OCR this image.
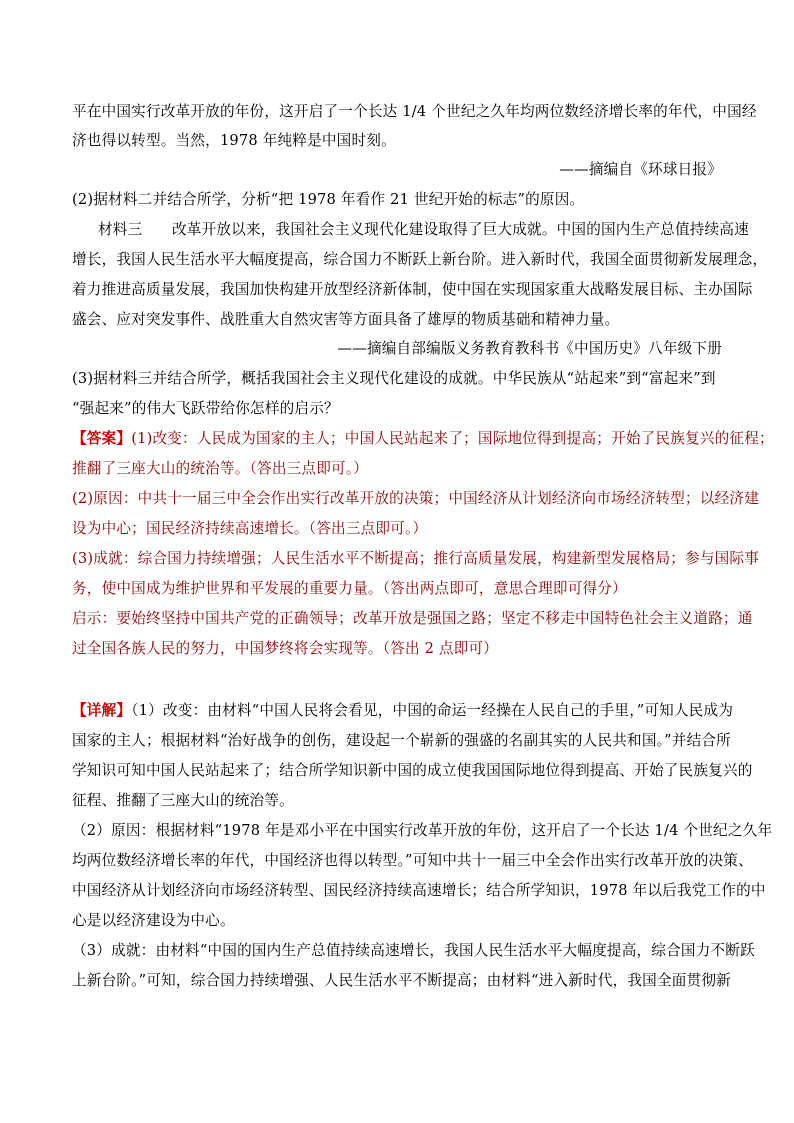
平在中国实行改革开放的年份，这开启了一个长达 1/4 个世纪之久年均两位数经济增长率的年代，中国经
济也得以转型。当然，1978 年纯粹是中国时刻。
——摘编自《环球日报》
(2)据材料二并结合所学，分析“把 1978 年看作 21 世纪开始的标志”的原因。
材料三　　改革开放以来，我国社会主义现代化建设取得了巨大成就。中国的国内生产总值持续高速
增长，我国人民生活水平大幅度提高，综合国力不断跃上新台阶。进入新时代，我国全面贯彻新发展理念，
着力推进高质量发展，我国加快构建开放型经济新体制，使中国在实现国家重大战略发展目标、主办国际
盛会、应对突发事件、战胜重大自然灾害等方面具备了雄厚的物质基础和精神力量。
——摘编自部编版义务教育教科书《中国历史》八年级下册
(3)据材料三并结合所学，概括我国社会主义现代化建设的成就。中华民族从“站起来”到“富起来”到
“强起来”的伟大飞跃带给你怎样的启示？
【答案】(1)改变：人民成为国家的主人；中国人民站起来了；国际地位得到提高；开始了民族复兴的征程；
推翻了三座大山的统治等。（答出三点即可。）
(2)原因：中共十一届三中全会作出实行改革开放的决策；中国经济从计划经济向市场经济转型；以经济建
设为中心；国民经济持续高速增长。（答出三点即可。）
(3)成就：综合国力持续增强；人民生活水平不断提高；推行高质量发展，构建新型发展格局；参与国际事
务，使中国成为维护世界和平发展的重要力量。（答出两点即可，意思合理即可得分）
启示：要始终坚持中国共产党的正确领导；改革开放是强国之路；坚定不移走中国特色社会主义道路；通
过全国各族人民的努力，中国梦终将会实现等。（答出 2 点即可）
【详解】（1）改变：由材料“中国人民将会看见，中国的命运一经操在人民自己的手里，”可知人民成为
国家的主人；根据材料“治好战争的创伤，建设起一个崭新的强盛的名副其实的人民共和国。”并结合所
学知识可知中国人民站起来了；结合所学知识新中国的成立使我国国际地位得到提高、开始了民族复兴的
征程、推翻了三座大山的统治等。
（2）原因：根据材料“1978 年是邓小平在中国实行改革开放的年份，这开启了一个长达 1/4 个世纪之久年
均两位数经济增长率的年代，中国经济也得以转型。”可知中共十一届三中全会作出实行改革开放的决策、
中国经济从计划经济向市场经济转型、国民经济持续高速增长；结合所学知识，1978 年以后我党工作的中
心是以经济建设为中心。
（3）成就：由材料“中国的国内生产总值持续高速增长，我国人民生活水平大幅度提高，综合国力不断跃
上新台阶。”可知，综合国力持续增强、人民生活水平不断提高；由材料“进入新时代，我国全面贯彻新
